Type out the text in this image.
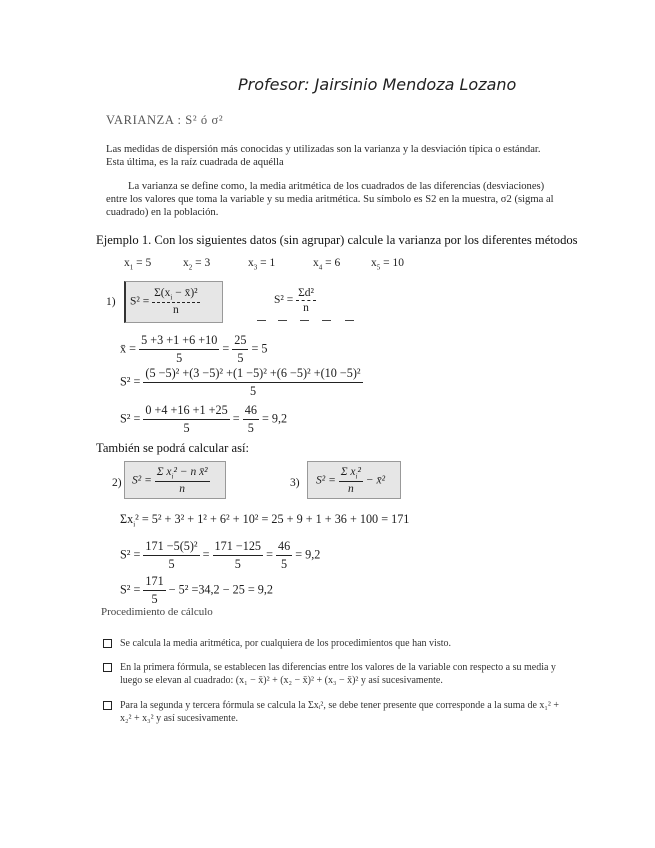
Profesor: Jairsinio Mendoza Lozano
VARIANZA : S² ó σ²
Las medidas de dispersión más conocidas y utilizadas son la varianza y la desviación típica o estándar. Esta última, es la raíz cuadrada de aquélla
La varianza se define como, la media aritmética de los cuadrados de las diferencias (desviaciones) entre los valores que toma la variable y su media aritmética. Su símbolo es S2 en la muestra, σ2 (sigma al cuadrado) en la población.
Ejemplo 1. Con los siguientes datos (sin agrupar) calcule la varianza por los diferentes métodos
$x_1 = 5$	$x_2 = 3$	$x_3 = 1$	$x_4 = 6$	$x_5 = 10$
1) $S^2 = \frac{\Sigma(x_i - x̄)^2}{n}$	$S^2 = \frac{\text{Σd²}}{n}$
x̄ = $\frac{5 +3 +1 +6 +10}{5} = \frac{25}{5} = 5$
$S^2 = \frac{\text{(5 −5)² +(3 −5)² +(1 −5)² +(6 −5)² +(10 −5)²}}{5}$
$S^2 = \frac{0 +4 +16 +1 +25}{5} = \frac{46}{5} = 9,2$
También se podrá calcular así:
2) $S^2 = \frac{\Sigma x_i^2 - n x̄^2}{n}$	3) $S^2 = \frac{\Sigma x_i^2}{n}$ − x̄²
$\Sigma x_i^2 = 5^2 + 3^2 + 1^2 + 6^2 + 10^2 = 25 + 9 + 1 + 36 + 100 = 171$
$S^2 = \frac{\text{171 −5(5)²}}{5} = \frac{171 -125}{5} = \frac{46}{5} = 9,2$
$S^2 = \frac{171}{5} - 5^2 =34,2 - 25 = 9,2$
Procedimiento de cálculo
Se calcula la media aritmética, por cualquiera de los procedimientos que han visto.
En la primera fórmula, se establecen las diferencias entre los valores de la variable con respecto a su media y luego se elevan al cuadrado: (x₁ − x̄)² + (x₂ − x̄)² + (x₃ − x̄)² y así sucesivamente.
Para la segunda y tercera fórmula se calcula la Σxᵢ², se debe tener presente que corresponde a la suma de x₁² + x₂² + x₃² y así sucesivamente.
